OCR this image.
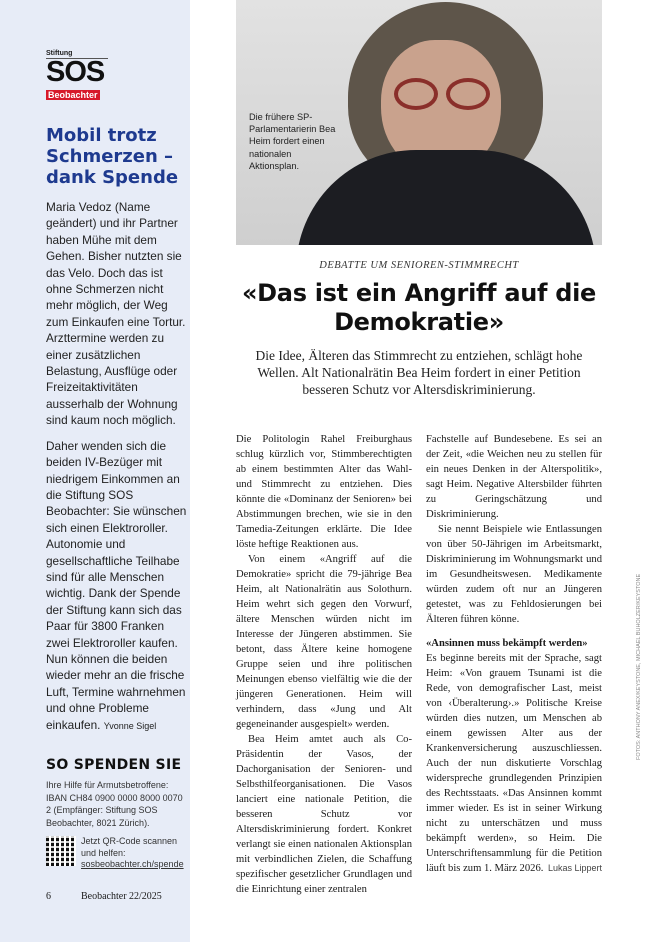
Stiftung
SOS
Beobachter
Mobil trotz Schmerzen – dank Spende

Maria Vedoz (Name geändert) und ihr Partner haben Mühe mit dem Gehen. Bisher nutzten sie das Velo. Doch das ist ohne Schmerzen nicht mehr möglich, der Weg zum Einkaufen eine Tortur. Arzttermine werden zu einer zusätzlichen Belastung, Ausflüge oder Freizeitaktivitäten ausserhalb der Wohnung sind kaum noch möglich.

Daher wenden sich die beiden IV-Bezüger mit niedrigem Einkommen an die Stiftung SOS Beobachter: Sie wünschen sich einen Elektroroller. Autonomie und gesellschaftliche Teilhabe sind für alle Menschen wichtig. Dank der Spende der Stiftung kann sich das Paar für 3800 Franken zwei Elektroroller kaufen. Nun können die beiden wieder mehr an die frische Luft, Termine wahrnehmen und ohne Probleme einkaufen. Yvonne Sigel

SO SPENDEN SIE

Ihre Hilfe für Armutsbetroffene: IBAN CH84 0900 0000 8000 0070 2 (Empfänger: Stiftung SOS Beobachter, 8021 Zürich).

Jetzt QR-Code scannen und helfen:
sosbeobachter.ch/spende
6	Beobachter 22/2025
Die frühere SP-Parlamentarierin Bea Heim fordert einen nationalen Aktionsplan.
DEBATTE UM SENIOREN-STIMMRECHT
«Das ist ein Angriff auf die Demokratie»

Die Idee, Älteren das Stimmrecht zu entziehen, schlägt hohe Wellen. Alt Nationalrätin Bea Heim fordert in einer Petition besseren Schutz vor Altersdiskriminierung.

Die Politologin Rahel Freiburghaus schlug kürzlich vor, Stimmberechtigten ab einem bestimmten Alter das Wahl- und Stimmrecht zu entziehen. Dies könnte die «Dominanz der Senioren» bei Abstimmungen brechen, wie sie in den Tamedia-Zeitungen erklärte. Die Idee löste heftige Reaktionen aus.

Von einem «Angriff auf die Demokratie» spricht die 79-jährige Bea Heim, alt Nationalrätin aus Solothurn. Heim wehrt sich gegen den Vorwurf, ältere Menschen würden nicht im Interesse der Jüngeren abstimmen. Sie betont, dass Ältere keine homogene Gruppe seien und ihre politischen Meinungen ebenso vielfältig wie die der jüngeren Generationen. Heim will verhindern, dass «Jung und Alt gegeneinander ausgespielt» werden.

Bea Heim amtet auch als Co-Präsidentin der Vasos, der Dachorganisation der Senioren- und Selbsthilfeorganisationen. Die Vasos lanciert eine nationale Petition, die besseren Schutz vor Altersdiskriminierung fordert. Konkret verlangt sie einen nationalen Aktionsplan mit verbindlichen Zielen, die Schaffung spezifischer gesetzlicher Grundlagen und die Einrichtung einer zentralen

Fachstelle auf Bundesebene. Es sei an der Zeit, «die Weichen neu zu stellen für ein neues Denken in der Alterspolitik», sagt Heim. Negative Altersbilder führten zu Geringschätzung und Diskriminierung.

Sie nennt Beispiele wie Entlassungen von über 50-Jährigen im Arbeitsmarkt, Diskriminierung im Wohnungsmarkt und im Gesundheitswesen. Medikamente würden zudem oft nur an Jüngeren getestet, was zu Fehldosierungen bei Älteren führen könne.

«Ansinnen muss bekämpft werden»

Es beginne bereits mit der Sprache, sagt Heim: «Von grauem Tsunami ist die Rede, von demografischer Last, meist von ‹Überalterung›.» Politische Kreise würden dies nutzen, um Menschen ab einem gewissen Alter aus der Krankenversicherung auszuschliessen. Auch der nun diskutierte Vorschlag widerspreche grundlegenden Prinzipien des Rechtsstaats. «Das Ansinnen kommt immer wieder. Es ist in seiner Wirkung nicht zu unterschätzen und muss bekämpft werden», so Heim. Die Unterschriftensammlung für die Petition läuft bis zum 1. März 2026. Lukas Lippert

FOTOS: ANTHONY ANEX/KEYSTONE, MICHAEL BUHOLZER/KEYSTONE
